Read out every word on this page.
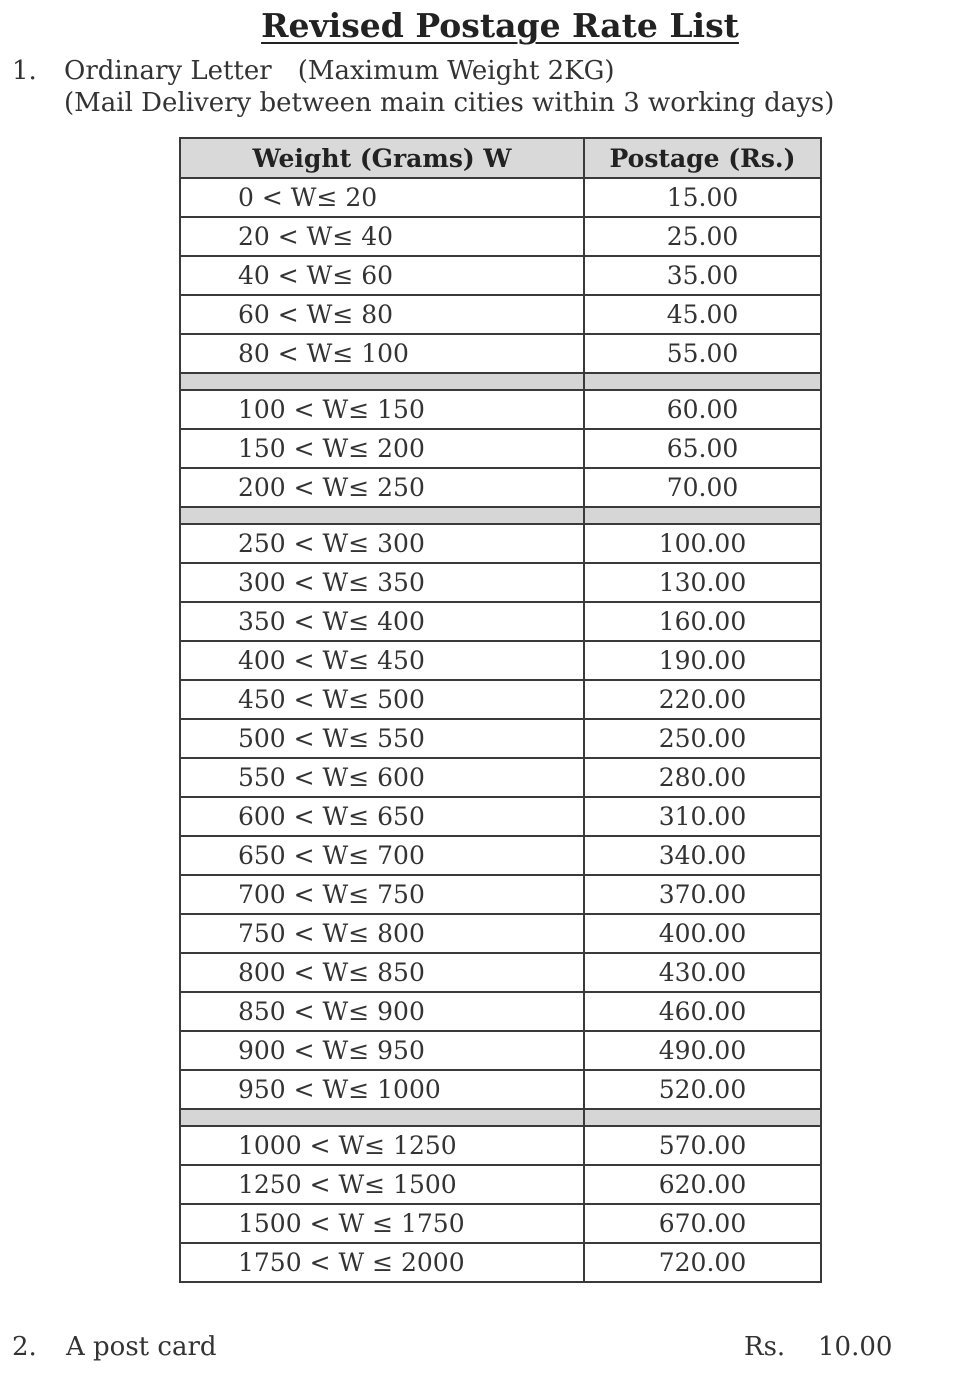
Revised Postage Rate List
1. Ordinary Letter (Maximum Weight 2KG)
(Mail Delivery between main cities within 3 working days)
Weight (Grams) W	Postage (Rs.)
0 < W≤ 20	15.00
20 < W≤ 40	25.00
40 < W≤ 60	35.00
60 < W≤ 80	45.00
80 < W≤ 100	55.00

100 < W≤ 150	60.00
150 < W≤ 200	65.00
200 < W≤ 250	70.00

250 < W≤ 300	100.00
300 < W≤ 350	130.00
350 < W≤ 400	160.00
400 < W≤ 450	190.00
450 < W≤ 500	220.00
500 < W≤ 550	250.00
550 < W≤ 600	280.00
600 < W≤ 650	310.00
650 < W≤ 700	340.00
700 < W≤ 750	370.00
750 < W≤ 800	400.00
800 < W≤ 850	430.00
850 < W≤ 900	460.00
900 < W≤ 950	490.00
950 < W≤ 1000	520.00

1000 < W≤ 1250	570.00
1250 < W≤ 1500	620.00
1500 < W ≤ 1750	670.00
1750 < W ≤ 2000	720.00
2. A post card	Rs. 10.00
